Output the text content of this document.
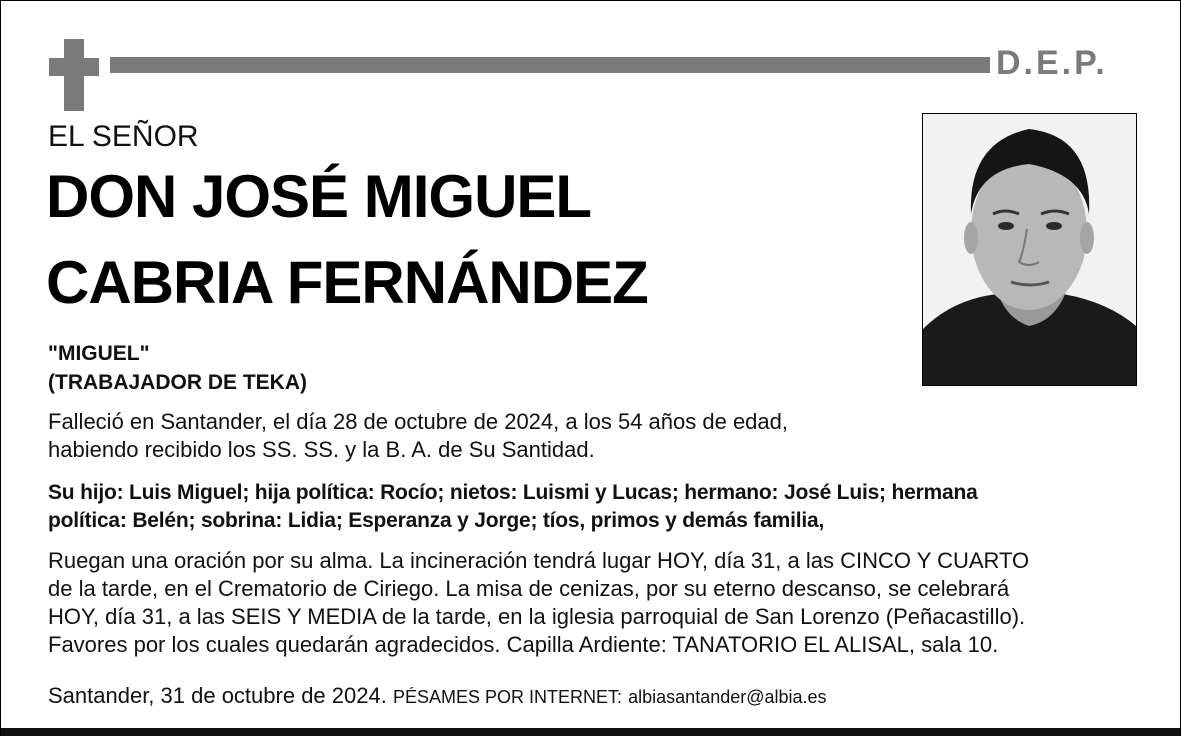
D.E.P.
EL SEÑOR
DON JOSÉ MIGUEL
CABRIA FERNÁNDEZ
"MIGUEL"
(TRABAJADOR DE TEKA)
Falleció en Santander, el día 28 de octubre de 2024, a los 54 años de edad,
habiendo recibido los SS. SS. y la B. A. de Su Santidad.
Su hijo: Luis Miguel; hija política: Rocío; nietos: Luismi y Lucas; hermano: José Luis; hermana
política: Belén; sobrina: Lidia; Esperanza y Jorge; tíos, primos y demás familia,
Ruegan una oración por su alma. La incineración tendrá lugar HOY, día 31, a las CINCO Y CUARTO
de la tarde, en el Crematorio de Ciriego. La misa de cenizas, por su eterno descanso, se celebrará
HOY, día 31, a las SEIS Y MEDIA de la tarde, en la iglesia parroquial de San Lorenzo (Peñacastillo).
Favores por los cuales quedarán agradecidos. Capilla Ardiente: TANATORIO EL ALISAL, sala 10.
Santander, 31 de octubre de 2024. PÉSAMES POR INTERNET: albiasantander@albia.es
